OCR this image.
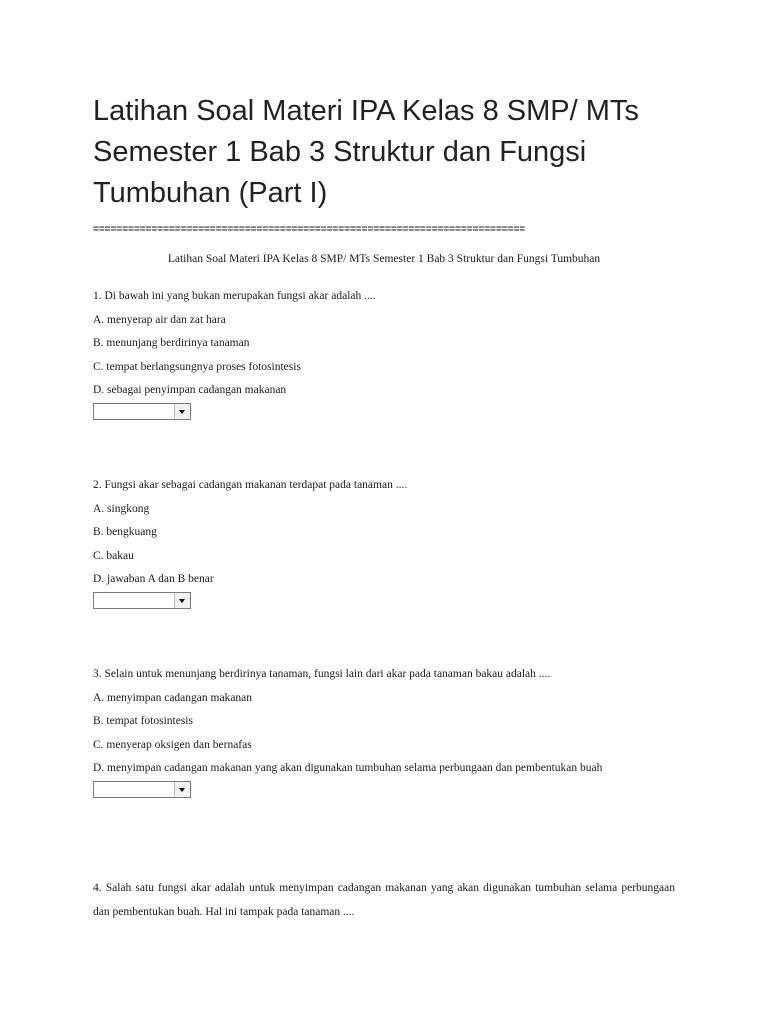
Latihan Soal Materi IPA Kelas 8 SMP/ MTs Semester 1 Bab 3 Struktur dan Fungsi Tumbuhan (Part I)
==========================================================================
Latihan Soal Materi IPA Kelas 8 SMP/ MTs Semester 1 Bab 3 Struktur dan Fungsi Tumbuhan
1. Di bawah ini yang bukan merupakan fungsi akar adalah ....
A. menyerap air dan zat hara
B. menunjang berdirinya tanaman
C. tempat berlangsungnya proses fotosintesis
D. sebagai penyimpan cadangan makanan
2. Fungsi akar sebagai cadangan makanan terdapat pada tanaman ....
A. singkong
B. bengkuang
C. bakau
D. jawaban A dan B benar
3. Selain untuk menunjang berdirinya tanaman, fungsi lain dari akar pada tanaman bakau adalah ....
A. menyimpan cadangan makanan
B. tempat fotosintesis
C. menyerap oksigen dan bernafas
D. menyimpan cadangan makanan yang akan digunakan tumbuhan selama perbungaan dan pembentukan buah
4. Salah satu fungsi akar adalah untuk menyimpan cadangan makanan yang akan digunakan tumbuhan selama perbungaan dan pembentukan buah. Hal ini tampak pada tanaman ....
